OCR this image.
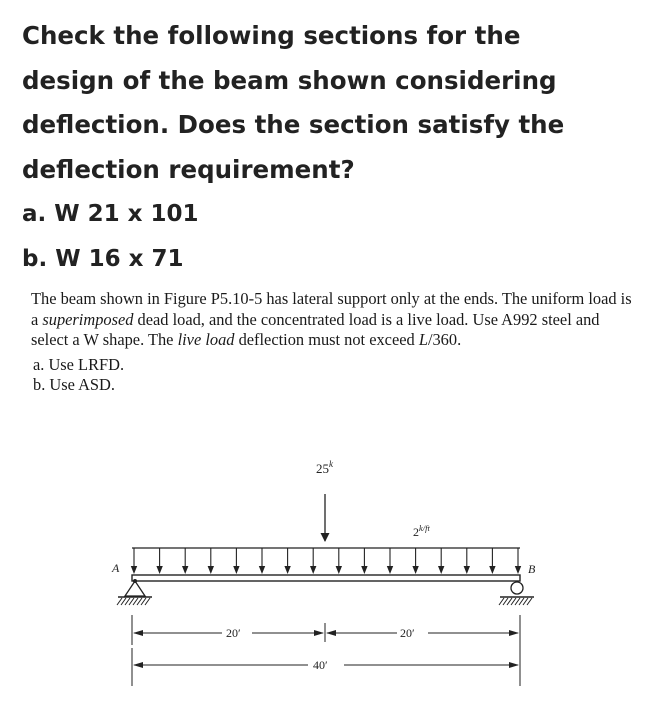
Check the following sections for the

design of the beam shown considering

deflection. Does the section satisfy the

deflection requirement?

a. W 21 x 101

b. W 16 x 71

The beam shown in Figure P5.10-5 has lateral support only at the ends. The uniform load is a superimposed dead load, and the concentrated load is a live load. Use A992 steel and select a W shape. The live load deflection must not exceed L/360.

a. Use LRFD.

b. Use ASD.

25$^k$
$2^{k/ft}$
A	B
20′	20′
40′
